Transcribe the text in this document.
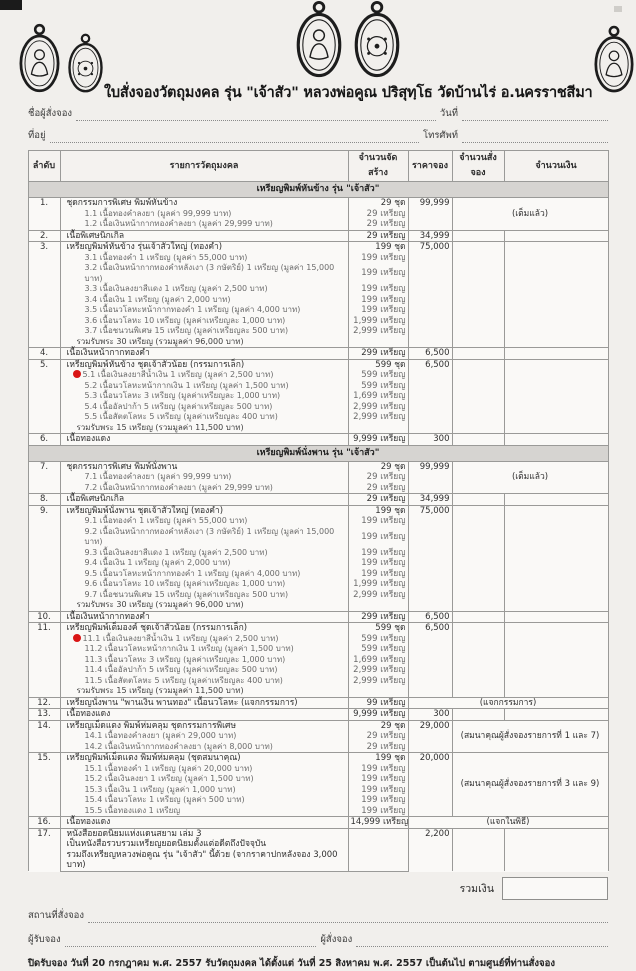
ใบสั่งจองวัตถุมงคล รุ่น "เจ้าสัว" หลวงพ่อคูณ ปริสุทฺโธ วัดบ้านไร่ อ.นครราชสีมา
ชื่อผู้สั่งจอง	วันที่
ที่อยู่	โทรศัพท์
ลำดับ	รายการวัตถุมงคล	จำนวนจัดสร้าง	ราคาจอง	จำนวนสั่งจอง	จำนวนเงิน
เหรียญพิมพ์หันข้าง รุ่น "เจ้าสัว"					
1.	ชุดกรรมการพิเศษ พิมพ์หันข้าง	29 ชุด	99,999	(เต็มแล้ว)	

	1.1 เนื้อทองคำลงยา (มูลค่า 99,999 บาท)	29 เหรียญ			

	1.2 เนื้อเงินหน้ากากทองคำลงยา (มูลค่า 29,999 บาท)	29 เหรียญ			
2.	เนื้อพิเศษนิกเกิล	29 เหรียญ	34,999		
3.	เหรียญพิมพ์หันข้าง รุ่นเจ้าสัวใหญ่ (ทองคำ)	199 ชุด	75,000		

	3.1 เนื้อทองคำ 1 เหรียญ (มูลค่า 55,000 บาท)	199 เหรียญ			

	3.2 เนื้อเงินหน้ากากทองคำหลังเงา (3 กษัตริย์) 1 เหรียญ (มูลค่า 15,000 บาท)	199 เหรียญ			

	3.3 เนื้อเงินลงยาสีแดง 1 เหรียญ (มูลค่า 2,500 บาท)	199 เหรียญ			

	3.4 เนื้อเงิน 1 เหรียญ (มูลค่า 2,000 บาท)	199 เหรียญ			

	3.5 เนื้อนวโลหะหน้ากากทองคำ 1 เหรียญ (มูลค่า 4,000 บาท)	199 เหรียญ			

	3.6 เนื้อนวโลหะ 10 เหรียญ (มูลค่าเหรียญละ 1,000 บาท)	1,999 เหรียญ			

	3.7 เนื้อชนวนพิเศษ 15 เหรียญ (มูลค่าเหรียญละ 500 บาท)	2,999 เหรียญ			

	รวมรับพระ 30 เหรียญ (รวมมูลค่า 96,000 บาท)				

4.	เนื้อเงินหน้ากากทองคำ	299 เหรียญ	6,500		
5.	เหรียญพิมพ์หันข้าง ชุดเจ้าสัวน้อย (กรรมการเล็ก)	599 ชุด	6,500		

	5.1 เนื้อเงินลงยาสีน้ำเงิน 1 เหรียญ (มูลค่า 2,500 บาท)	599 เหรียญ			

	5.2 เนื้อนวโลหะหน้ากากเงิน 1 เหรียญ (มูลค่า 1,500 บาท)	599 เหรียญ			

	5.3 เนื้อนวโลหะ 3 เหรียญ (มูลค่าเหรียญละ 1,000 บาท)	1,699 เหรียญ			

	5.4 เนื้ออัลปาก้า 5 เหรียญ (มูลค่าเหรียญละ 500 บาท)	2,999 เหรียญ			

	5.5 เนื้อสัตตโลหะ 5 เหรียญ (มูลค่าเหรียญละ 400 บาท)	2,999 เหรียญ			

	รวมรับพระ 15 เหรียญ (รวมมูลค่า 11,500 บาท)				

6.	เนื้อทองแดง	9,999 เหรียญ	300		
เหรียญพิมพ์นั่งพาน รุ่น "เจ้าสัว"					
7.	ชุดกรรมการพิเศษ พิมพ์นั่งพาน	29 ชุด	99,999	(เต็มแล้ว)	

	7.1 เนื้อทองคำลงยา (มูลค่า 99,999 บาท)	29 เหรียญ			

	7.2 เนื้อเงินหน้ากากทองคำลงยา (มูลค่า 29,999 บาท)	29 เหรียญ			
8.	เนื้อพิเศษนิกเกิล	29 เหรียญ	34,999		
9.	เหรียญพิมพ์นั่งพาน ชุดเจ้าสัวใหญ่ (ทองคำ)	199 ชุด	75,000		

	9.1 เนื้อทองคำ 1 เหรียญ (มูลค่า 55,000 บาท)	199 เหรียญ			

	9.2 เนื้อเงินหน้ากากทองคำหลังเงา (3 กษัตริย์) 1 เหรียญ (มูลค่า 15,000 บาท)	199 เหรียญ			

	9.3 เนื้อเงินลงยาสีแดง 1 เหรียญ (มูลค่า 2,500 บาท)	199 เหรียญ			

	9.4 เนื้อเงิน 1 เหรียญ (มูลค่า 2,000 บาท)	199 เหรียญ			

	9.5 เนื้อนวโลหะหน้ากากทองคำ 1 เหรียญ (มูลค่า 4,000 บาท)	199 เหรียญ			

	9.6 เนื้อนวโลหะ 10 เหรียญ (มูลค่าเหรียญละ 1,000 บาท)	1,999 เหรียญ			

	9.7 เนื้อชนวนพิเศษ 15 เหรียญ (มูลค่าเหรียญละ 500 บาท)	2,999 เหรียญ			

	รวมรับพระ 30 เหรียญ (รวมมูลค่า 96,000 บาท)				

10.	เนื้อเงินหน้ากากทองคำ	299 เหรียญ	6,500		
11.	เหรียญพิมพ์เต็มองค์ ชุดเจ้าสัวน้อย (กรรมการเล็ก)	599 ชุด	6,500		

	11.1 เนื้อเงินลงยาสีน้ำเงิน 1 เหรียญ (มูลค่า 2,500 บาท)	599 เหรียญ			

	11.2 เนื้อนวโลหะหน้ากากเงิน 1 เหรียญ (มูลค่า 1,500 บาท)	599 เหรียญ			

	11.3 เนื้อนวโลหะ 3 เหรียญ (มูลค่าเหรียญละ 1,000 บาท)	1,699 เหรียญ			

	11.4 เนื้ออัลปาก้า 5 เหรียญ (มูลค่าเหรียญละ 500 บาท)	2,999 เหรียญ			

	11.5 เนื้อสัตตโลหะ 5 เหรียญ (มูลค่าเหรียญละ 400 บาท)	2,999 เหรียญ			

	รวมรับพระ 15 เหรียญ (รวมมูลค่า 11,500 บาท)				

12.	เหรียญนั่งพาน "พานเงิน พานทอง" เนื้อนวโลหะ (แจกกรรมการ)	99 เหรียญ	(แจกกรรมการ)		
13.	เนื้อทองแดง	9,999 เหรียญ	300		
14.	เหรียญเม็ดแตง พิมพ์ห่มคลุม ชุดกรรมการพิเศษ	29 ชุด	29,000	(สมนาคุณผู้สั่งจองรายการที่ 1 และ 7)	

	14.1 เนื้อทองคำลงยา (มูลค่า 29,000 บาท)	29 เหรียญ			

	14.2 เนื้อเงินหน้ากากทองคำลงยา (มูลค่า 8,000 บาท)	29 เหรียญ			
15.	เหรียญพิมพ์เม็ดแตง พิมพ์ห่มคลุม (ชุดสมนาคุณ)	199 ชุด	20,000	(สมนาคุณผู้สั่งจองรายการที่ 3 และ 9)	

	15.1 เนื้อทองคำ 1 เหรียญ (มูลค่า 20,000 บาท)	199 เหรียญ			

	15.2 เนื้อเงินลงยา 1 เหรียญ (มูลค่า 1,500 บาท)	199 เหรียญ			

	15.3 เนื้อเงิน 1 เหรียญ (มูลค่า 1,000 บาท)	199 เหรียญ			

	15.4 เนื้อนวโลหะ 1 เหรียญ (มูลค่า 500 บาท)	199 เหรียญ			

	15.5 เนื้อทองแดง 1 เหรียญ	199 เหรียญ			
16.	เนื้อทองแดง	14,999 เหรียญ	(แจกในพิธี)		
17.	หนังสือยอดนิยมแห่งแดนสยาม เล่ม 3		2,200		

	เป็นหนังสือรวบรวมเหรียญยอดนิยมตั้งแต่อดีตถึงปัจจุบัน				

	รวมถึงเหรียญหลวงพ่อคูณ รุ่น "เจ้าสัว" นี้ด้วย (จากราคาปกหลังจอง 3,000 บาท)				

รวมเงิน
สถานที่สั่งจอง
ผู้รับจอง	ผู้สั่งจอง
ปิดรับจอง วันที่ 20 กรกฎาคม พ.ศ. 2557 รับวัตถุมงคล ได้ตั้งแต่ วันที่ 25 สิงหาคม พ.ศ. 2557 เป็นต้นไป ตามศูนย์ที่ท่านสั่งจอง
